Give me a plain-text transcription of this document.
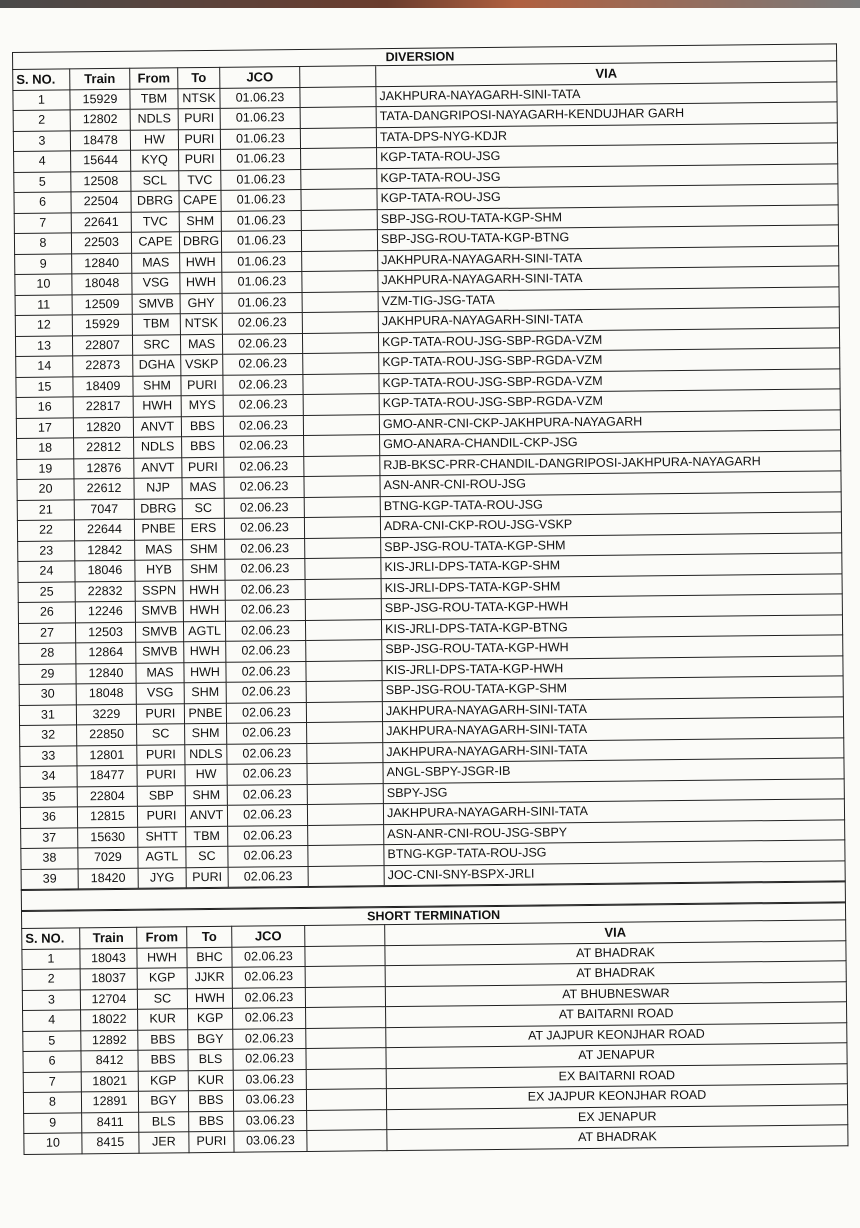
						DIVERSION
S. NO.	Train	From	To	JCO		VIA
1	15929	TBM	NTSK	01.06.23		JAKHPURA-NAYAGARH-SINI-TATA
2	12802	NDLS	PURI	01.06.23		TATA-DANGRIPOSI-NAYAGARH-KENDUJHAR GARH
3	18478	HW	PURI	01.06.23		TATA-DPS-NYG-KDJR
4	15644	KYQ	PURI	01.06.23		KGP-TATA-ROU-JSG
5	12508	SCL	TVC	01.06.23		KGP-TATA-ROU-JSG
6	22504	DBRG	CAPE	01.06.23		KGP-TATA-ROU-JSG
7	22641	TVC	SHM	01.06.23		SBP-JSG-ROU-TATA-KGP-SHM
8	22503	CAPE	DBRG	01.06.23		SBP-JSG-ROU-TATA-KGP-BTNG
9	12840	MAS	HWH	01.06.23		JAKHPURA-NAYAGARH-SINI-TATA
10	18048	VSG	HWH	01.06.23		JAKHPURA-NAYAGARH-SINI-TATA
11	12509	SMVB	GHY	01.06.23		VZM-TIG-JSG-TATA
12	15929	TBM	NTSK	02.06.23		JAKHPURA-NAYAGARH-SINI-TATA
13	22807	SRC	MAS	02.06.23		KGP-TATA-ROU-JSG-SBP-RGDA-VZM
14	22873	DGHA	VSKP	02.06.23		KGP-TATA-ROU-JSG-SBP-RGDA-VZM
15	18409	SHM	PURI	02.06.23		KGP-TATA-ROU-JSG-SBP-RGDA-VZM
16	22817	HWH	MYS	02.06.23		KGP-TATA-ROU-JSG-SBP-RGDA-VZM
17	12820	ANVT	BBS	02.06.23		GMO-ANR-CNI-CKP-JAKHPURA-NAYAGARH
18	22812	NDLS	BBS	02.06.23		GMO-ANARA-CHANDIL-CKP-JSG
19	12876	ANVT	PURI	02.06.23		RJB-BKSC-PRR-CHANDIL-DANGRIPOSI-JAKHPURA-NAYAGARH
20	22612	NJP	MAS	02.06.23		ASN-ANR-CNI-ROU-JSG
21	7047	DBRG	SC	02.06.23		BTNG-KGP-TATA-ROU-JSG
22	22644	PNBE	ERS	02.06.23		ADRA-CNI-CKP-ROU-JSG-VSKP
23	12842	MAS	SHM	02.06.23		SBP-JSG-ROU-TATA-KGP-SHM
24	18046	HYB	SHM	02.06.23		KIS-JRLI-DPS-TATA-KGP-SHM
25	22832	SSPN	HWH	02.06.23		KIS-JRLI-DPS-TATA-KGP-SHM
26	12246	SMVB	HWH	02.06.23		SBP-JSG-ROU-TATA-KGP-HWH
27	12503	SMVB	AGTL	02.06.23		KIS-JRLI-DPS-TATA-KGP-BTNG
28	12864	SMVB	HWH	02.06.23		SBP-JSG-ROU-TATA-KGP-HWH
29	12840	MAS	HWH	02.06.23		KIS-JRLI-DPS-TATA-KGP-HWH
30	18048	VSG	SHM	02.06.23		SBP-JSG-ROU-TATA-KGP-SHM
31	3229	PURI	PNBE	02.06.23		JAKHPURA-NAYAGARH-SINI-TATA
32	22850	SC	SHM	02.06.23		JAKHPURA-NAYAGARH-SINI-TATA
33	12801	PURI	NDLS	02.06.23		JAKHPURA-NAYAGARH-SINI-TATA
34	18477	PURI	HW	02.06.23		ANGL-SBPY-JSGR-IB
35	22804	SBP	SHM	02.06.23		SBPY-JSG
36	12815	PURI	ANVT	02.06.23		JAKHPURA-NAYAGARH-SINI-TATA
37	15630	SHTT	TBM	02.06.23		ASN-ANR-CNI-ROU-JSG-SBPY
38	7029	AGTL	SC	02.06.23		BTNG-KGP-TATA-ROU-JSG
39	18420	JYG	PURI	02.06.23		JOC-CNI-SNY-BSPX-JRLI
SHORT TERMINATION						
S. NO.	Train	From	To	JCO		VIA
1	18043	HWH	BHC	02.06.23		AT BHADRAK
2	18037	KGP	JJKR	02.06.23		AT BHADRAK
3	12704	SC	HWH	02.06.23		AT BHUBNESWAR
4	18022	KUR	KGP	02.06.23		AT BAITARNI ROAD
5	12892	BBS	BGY	02.06.23		AT JAJPUR KEONJHAR ROAD
6	8412	BBS	BLS	02.06.23		AT JENAPUR
7	18021	KGP	KUR	03.06.23		EX BAITARNI ROAD
8	12891	BGY	BBS	03.06.23		EX JAJPUR KEONJHAR ROAD
9	8411	BLS	BBS	03.06.23		EX JENAPUR
10	8415	JER	PURI	03.06.23		AT BHADRAK
